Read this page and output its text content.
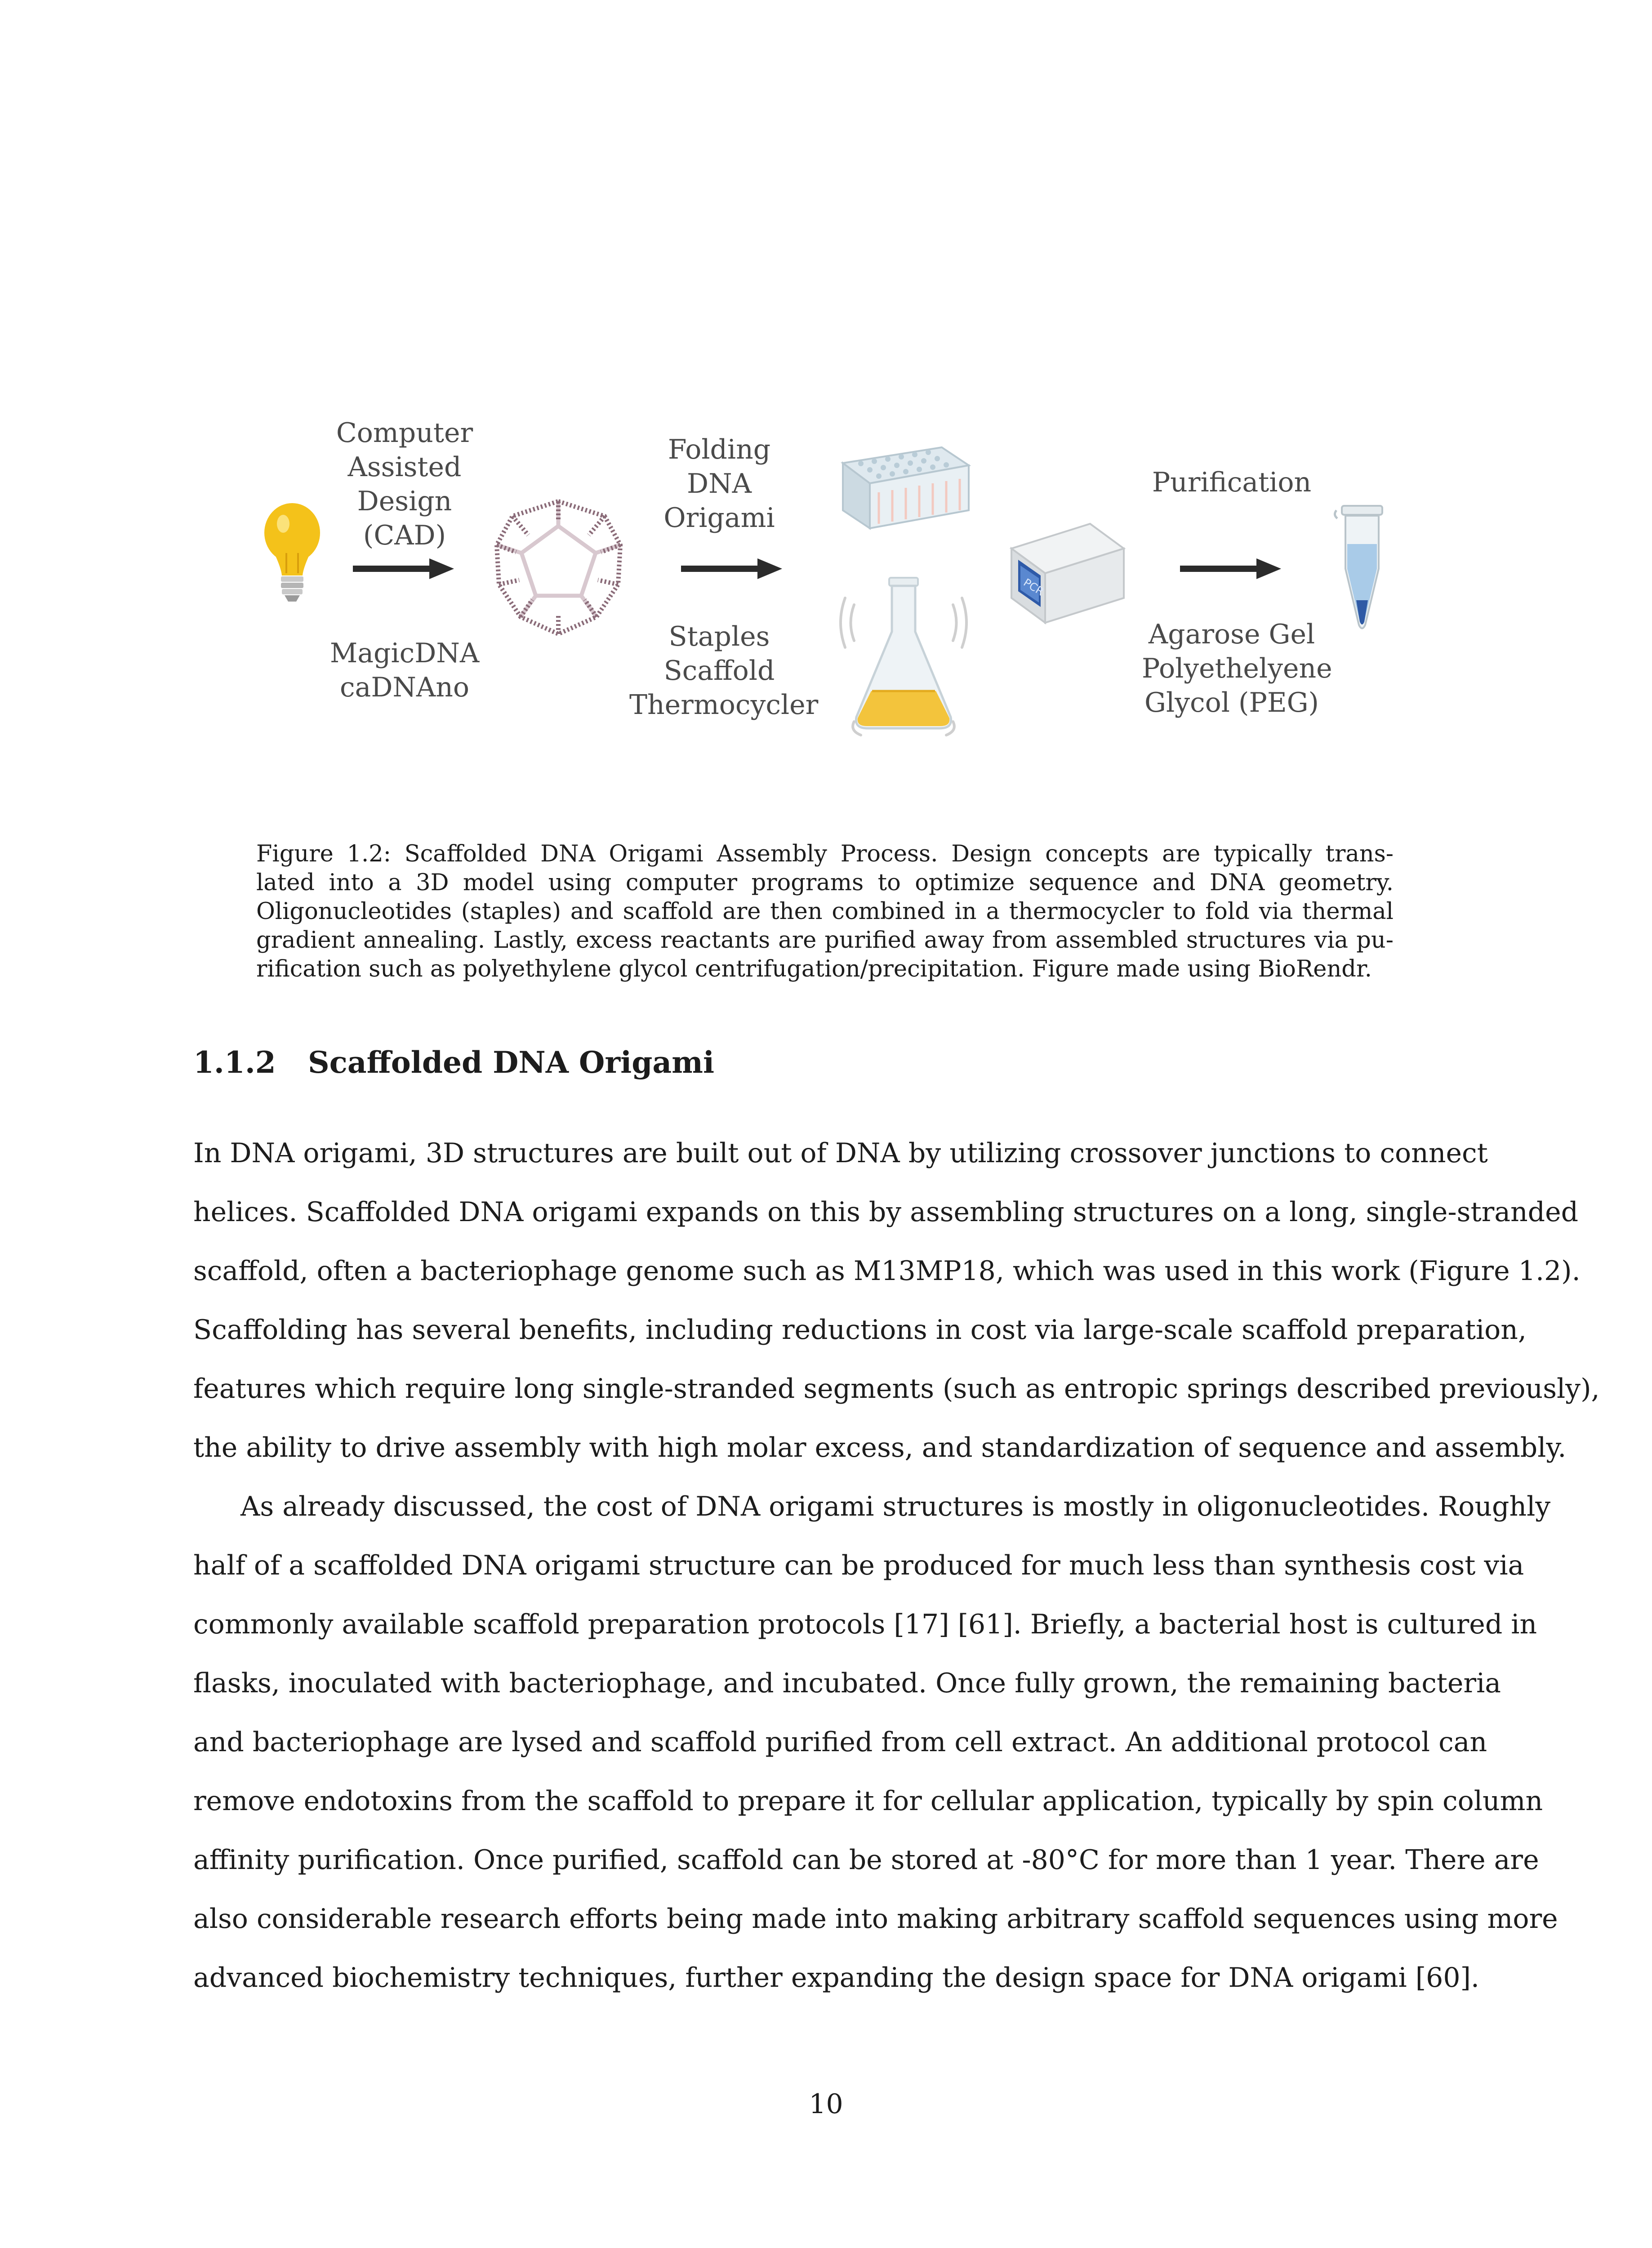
Computer
Assisted
Design
(CAD)
MagicDNA
caDNAno
Folding
DNA
Origami
Staples
Scaffold
Thermocycler
PCR
Purification
Agarose Gel
Polyethelyene
Glycol (PEG)
Figure 1.2: Scaffolded DNA Origami Assembly Process. Design concepts are typically trans-
lated into a 3D model using computer programs to optimize sequence and DNA geometry.
Oligonucleotides (staples) and scaffold are then combined in a thermocycler to fold via thermal
gradient annealing. Lastly, excess reactants are purified away from assembled structures via pu-
rification such as polyethylene glycol centrifugation/precipitation. Figure made using BioRendr.
1.1.2 Scaffolded DNA Origami
In DNA origami, 3D structures are built out of DNA by utilizing crossover junctions to connect
helices. Scaffolded DNA origami expands on this by assembling structures on a long, single-stranded
scaffold, often a bacteriophage genome such as M13MP18, which was used in this work (Figure 1.2).
Scaffolding has several benefits, including reductions in cost via large-scale scaffold preparation,
features which require long single-stranded segments (such as entropic springs described previously),
the ability to drive assembly with high molar excess, and standardization of sequence and assembly.
As already discussed, the cost of DNA origami structures is mostly in oligonucleotides. Roughly
half of a scaffolded DNA origami structure can be produced for much less than synthesis cost via
commonly available scaffold preparation protocols [17] [61]. Briefly, a bacterial host is cultured in
flasks, inoculated with bacteriophage, and incubated. Once fully grown, the remaining bacteria
and bacteriophage are lysed and scaffold purified from cell extract. An additional protocol can
remove endotoxins from the scaffold to prepare it for cellular application, typically by spin column
affinity purification. Once purified, scaffold can be stored at -80°C for more than 1 year. There are
also considerable research efforts being made into making arbitrary scaffold sequences using more
advanced biochemistry techniques, further expanding the design space for DNA origami [60].
10
